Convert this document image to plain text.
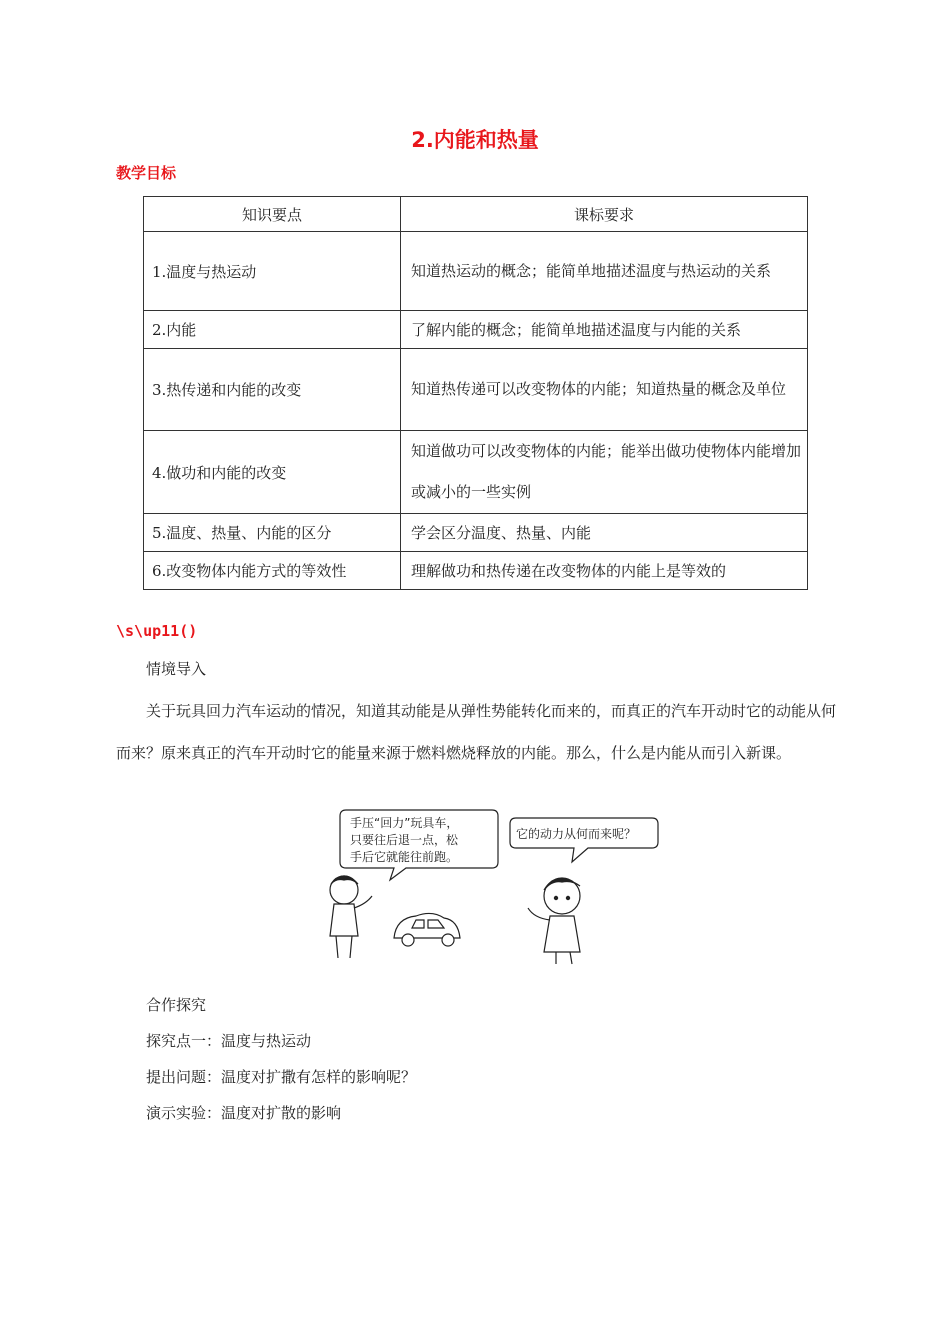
2.内能和热量
教学目标
知识要点	课标要求
1.温度与热运动	知道热运动的概念；能简单地描述温度与热运动的关系
2.内能	了解内能的概念；能简单地描述温度与内能的关系
3.热传递和内能的改变	知道热传递可以改变物体的内能；知道热量的概念及单位
4.做功和内能的改变	知道做功可以改变物体的内能；能举出做功使物体内能增加或减小的一些实例
5.温度、热量、内能的区分	学会区分温度、热量、内能
6.改变物体内能方式的等效性	理解做功和热传递在改变物体的内能上是等效的
\s\up11()
情境导入
关于玩具回力汽车运动的情况，知道其动能是从弹性势能转化而来的，而真正的汽车开动时它的动能从何而来？原来真正的汽车开动时它的能量来源于燃料燃烧释放的内能。那么，什么是内能从而引入新课。
手压“回力”玩具车，
只要往后退一点，松
手后它就能往前跑。
它的动力从何而来呢？
合作探究
探究点一：温度与热运动
提出问题：温度对扩撒有怎样的影响呢？
演示实验：温度对扩散的影响
